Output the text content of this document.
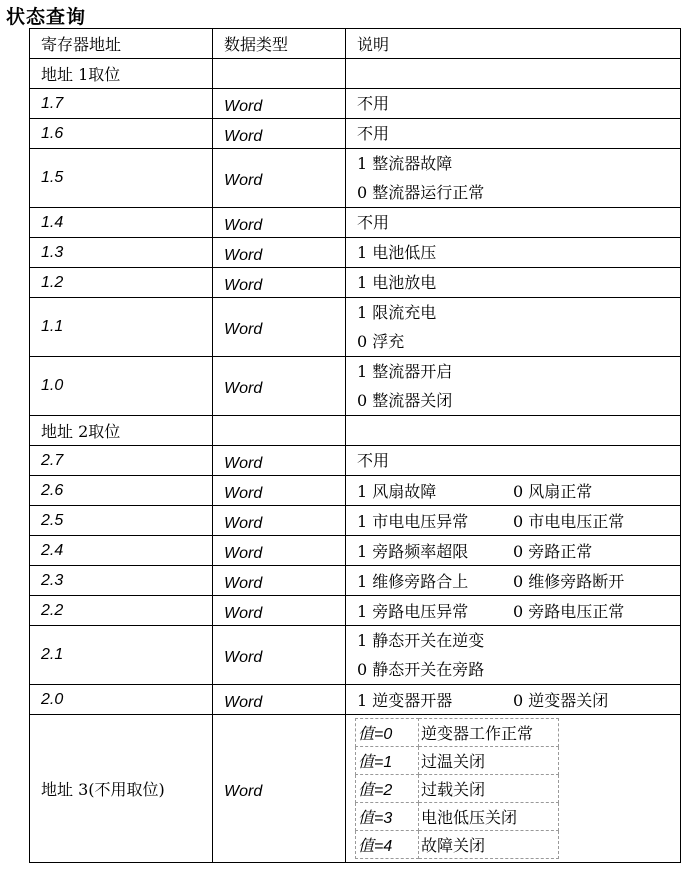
状态查询
寄存器地址	数据类型	说明
地址 1取位		
1.7	Word	不用

1.6	Word	不用

1.5	Word	
1 整流器故障
0 整流器运行正常

1.4	Word	不用

1.3	Word	1 电池低压

1.2	Word	1 电池放电

1.1	Word	
1 限流充电
0 浮充

1.0	Word	
1 整流器开启
0 整流器关闭

地址 2取位		
2.7	Word	不用

2.6	Word	1 风扇故障	0 风扇正常
2.5	Word	1 市电电压异常	0 市电电压正常
2.4	Word	1 旁路频率超限	0 旁路正常
2.3	Word	1 维修旁路合上	0 维修旁路断开
2.2	Word	1 旁路电压异常	0 旁路电压正常
2.1	Word	
1 静态开关在逆变
0 静态开关在旁路

2.0	Word	1 逆变器开器	0 逆变器关闭
地址 3(不用取位)	Word	
值=0	逆变器工作正常
值=1	过温关闭
值=2	过载关闭
值=3	电池低压关闭
值=4	故障关闭
